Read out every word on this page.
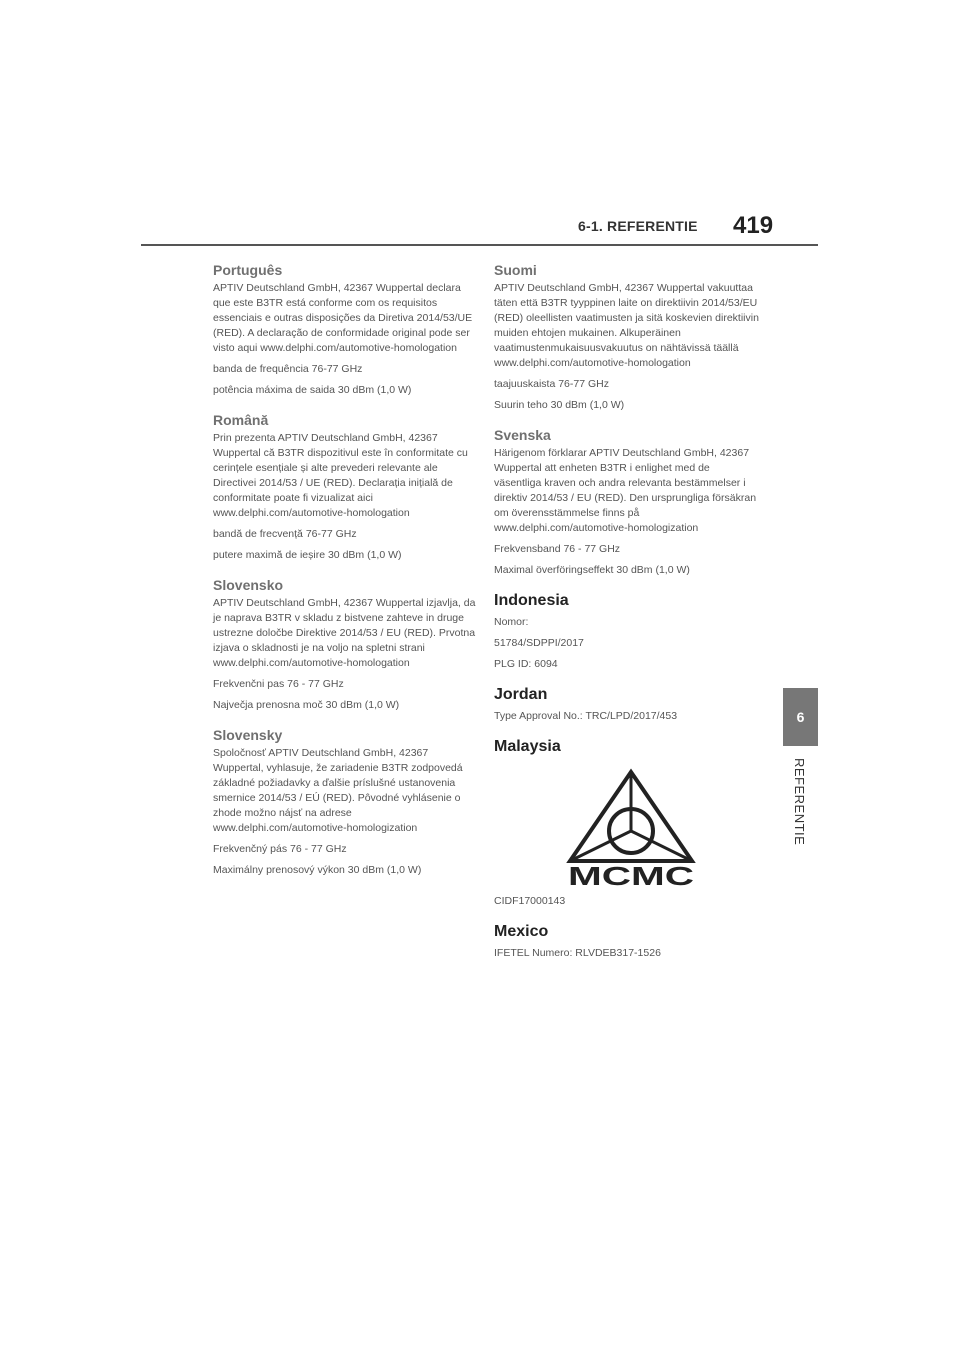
6-1. REFERENTIE 419
6
REFERENTIE
Português

APTIV Deutschland GmbH, 42367 Wuppertal declara que este B3TR está conforme com os requisitos essenciais e outras disposições da Diretiva 2014/53/UE (RED). A declaração de conformidade original pode ser visto aqui www.delphi.com/automotive-homologation

banda de frequência 76-77 GHz

potência máxima de saida 30 dBm (1,0 W)

Română

Prin prezenta APTIV Deutschland GmbH, 42367 Wuppertal că B3TR dispozitivul este în conformitate cu cerințele esențiale și alte prevederi relevante ale Directivei 2014/53 / UE (RED). Declarația inițială de conformitate poate fi vizualizat aici www.delphi.com/automotive-homologation

bandă de frecvență 76-77 GHz

putere maximă de ieșire 30 dBm (1,0 W)

Slovensko

APTIV Deutschland GmbH, 42367 Wuppertal izjavlja, da je naprava B3TR v skladu z bistvene zahteve in druge ustrezne določbe Direktive 2014/53 / EU (RED). Prvotna izjava o skladnosti je na voljo na spletni strani www.delphi.com/automotive-homologation

Frekvenčni pas 76 - 77 GHz

Največja prenosna moč 30 dBm (1,0 W)

Slovensky

Spoločnosť APTIV Deutschland GmbH, 42367 Wuppertal, vyhlasuje, že zariadenie B3TR zodpovedá základné požiadavky a ďalšie príslušné ustanovenia smernice 2014/53 / EÚ (RED). Pôvodné vyhlásenie o zhode možno nájsť na adrese www.delphi.com/automotive-homologization

Frekvenčný pás 76 - 77 GHz

Maximálny prenosový výkon 30 dBm (1,0 W)

Suomi

APTIV Deutschland GmbH, 42367 Wuppertal vakuuttaa täten että B3TR tyyppinen laite on direktiivin 2014/53/EU (RED) oleellisten vaatimusten ja sitä koskevien direktiivin muiden ehtojen mukainen. Alkuperäinen vaatimustenmukaisuusvakuutus on nähtävissä täällä www.delphi.com/automotive-homologation

taajuuskaista 76-77 GHz

Suurin teho 30 dBm (1,0 W)

Svenska

Härigenom förklarar APTIV Deutschland GmbH, 42367 Wuppertal att enheten B3TR i enlighet med de väsentliga kraven och andra relevanta bestämmelser i direktiv 2014/53 / EU (RED). Den ursprungliga försäkran om överensstämmelse finns på www.delphi.com/automotive-homologization

Frekvensband 76 - 77 GHz

Maximal överföringseffekt 30 dBm (1,0 W)

Indonesia

Nomor:

51784/SDPPI/2017

PLG ID: 6094

Jordan

Type Approval No.: TRC/LPD/2017/453

Malaysia
MCMC

CIDF17000143

Mexico

IFETEL Numero: RLVDEB317-1526
